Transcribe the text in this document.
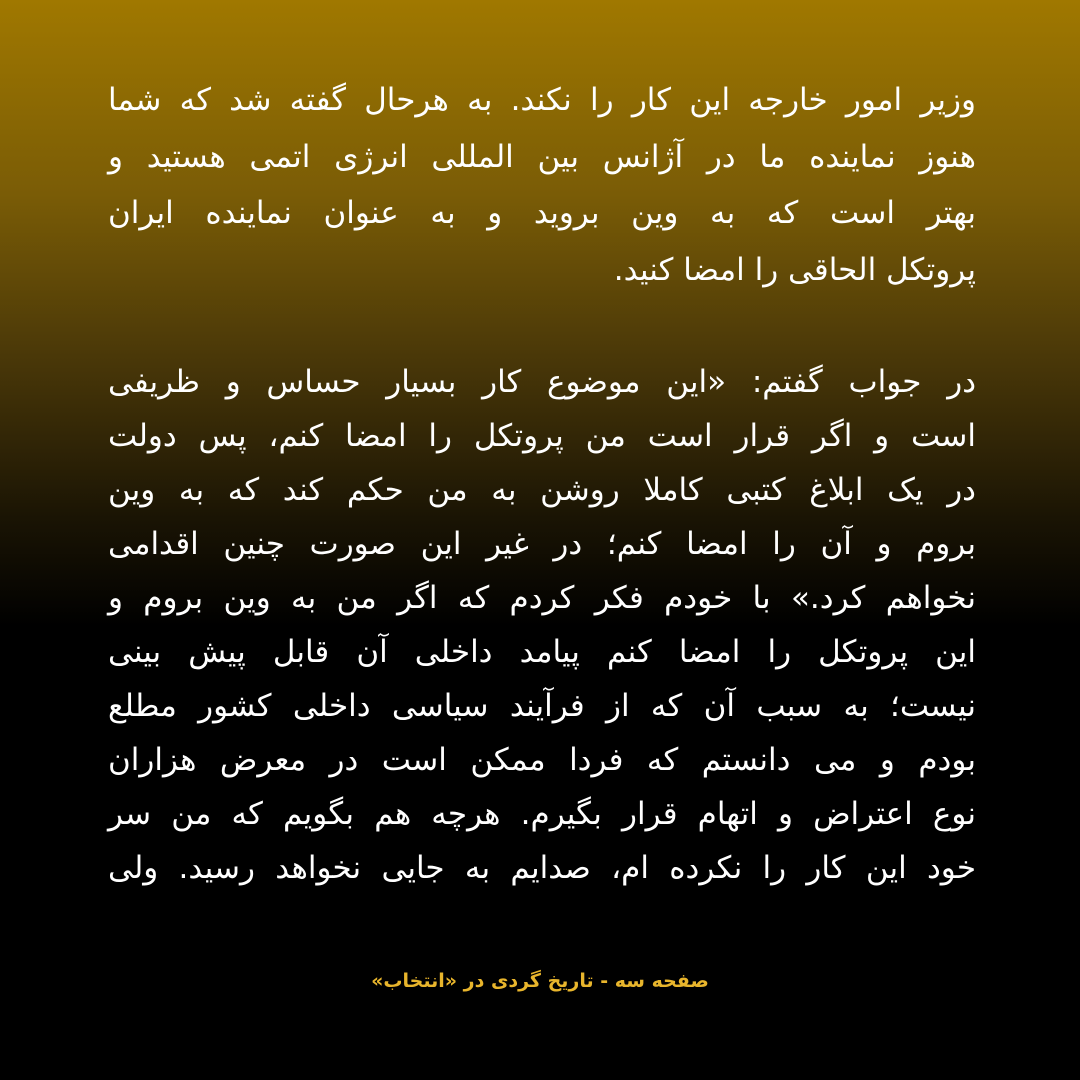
وزیر امور خارجه این کار را نکند. به هرحال گفته شد که شما
هنوز نماینده ما در آژانس بین المللی انرژی اتمی هستید و
بهتر است که به وین بروید و به عنوان نماینده ایران
پروتکل الحاقی را امضا کنید.
در جواب گفتم: «این موضوع کار بسیار حساس و ظریفی
است و اگر قرار است من پروتکل را امضا کنم، پس دولت
در یک ابلاغ کتبی کاملا روشن به من حکم کند که به وین
بروم و آن را امضا کنم؛ در غیر این صورت چنین اقدامی
نخواهم کرد.» با خودم فکر کردم که اگر من به وین بروم و
این پروتکل را امضا کنم پیامد داخلی آن قابل پیش بینی
نیست؛ به سبب آن که از فرآیند سیاسی داخلی کشور مطلع
بودم و می دانستم که فردا ممکن است در معرض هزاران
نوع اعتراض و اتهام قرار بگیرم. هرچه هم بگویم که من سر
خود این کار را نکرده ام، صدایم به جایی نخواهد رسید. ولی
صفحه سه - تاریخ گردی در «انتخاب»
